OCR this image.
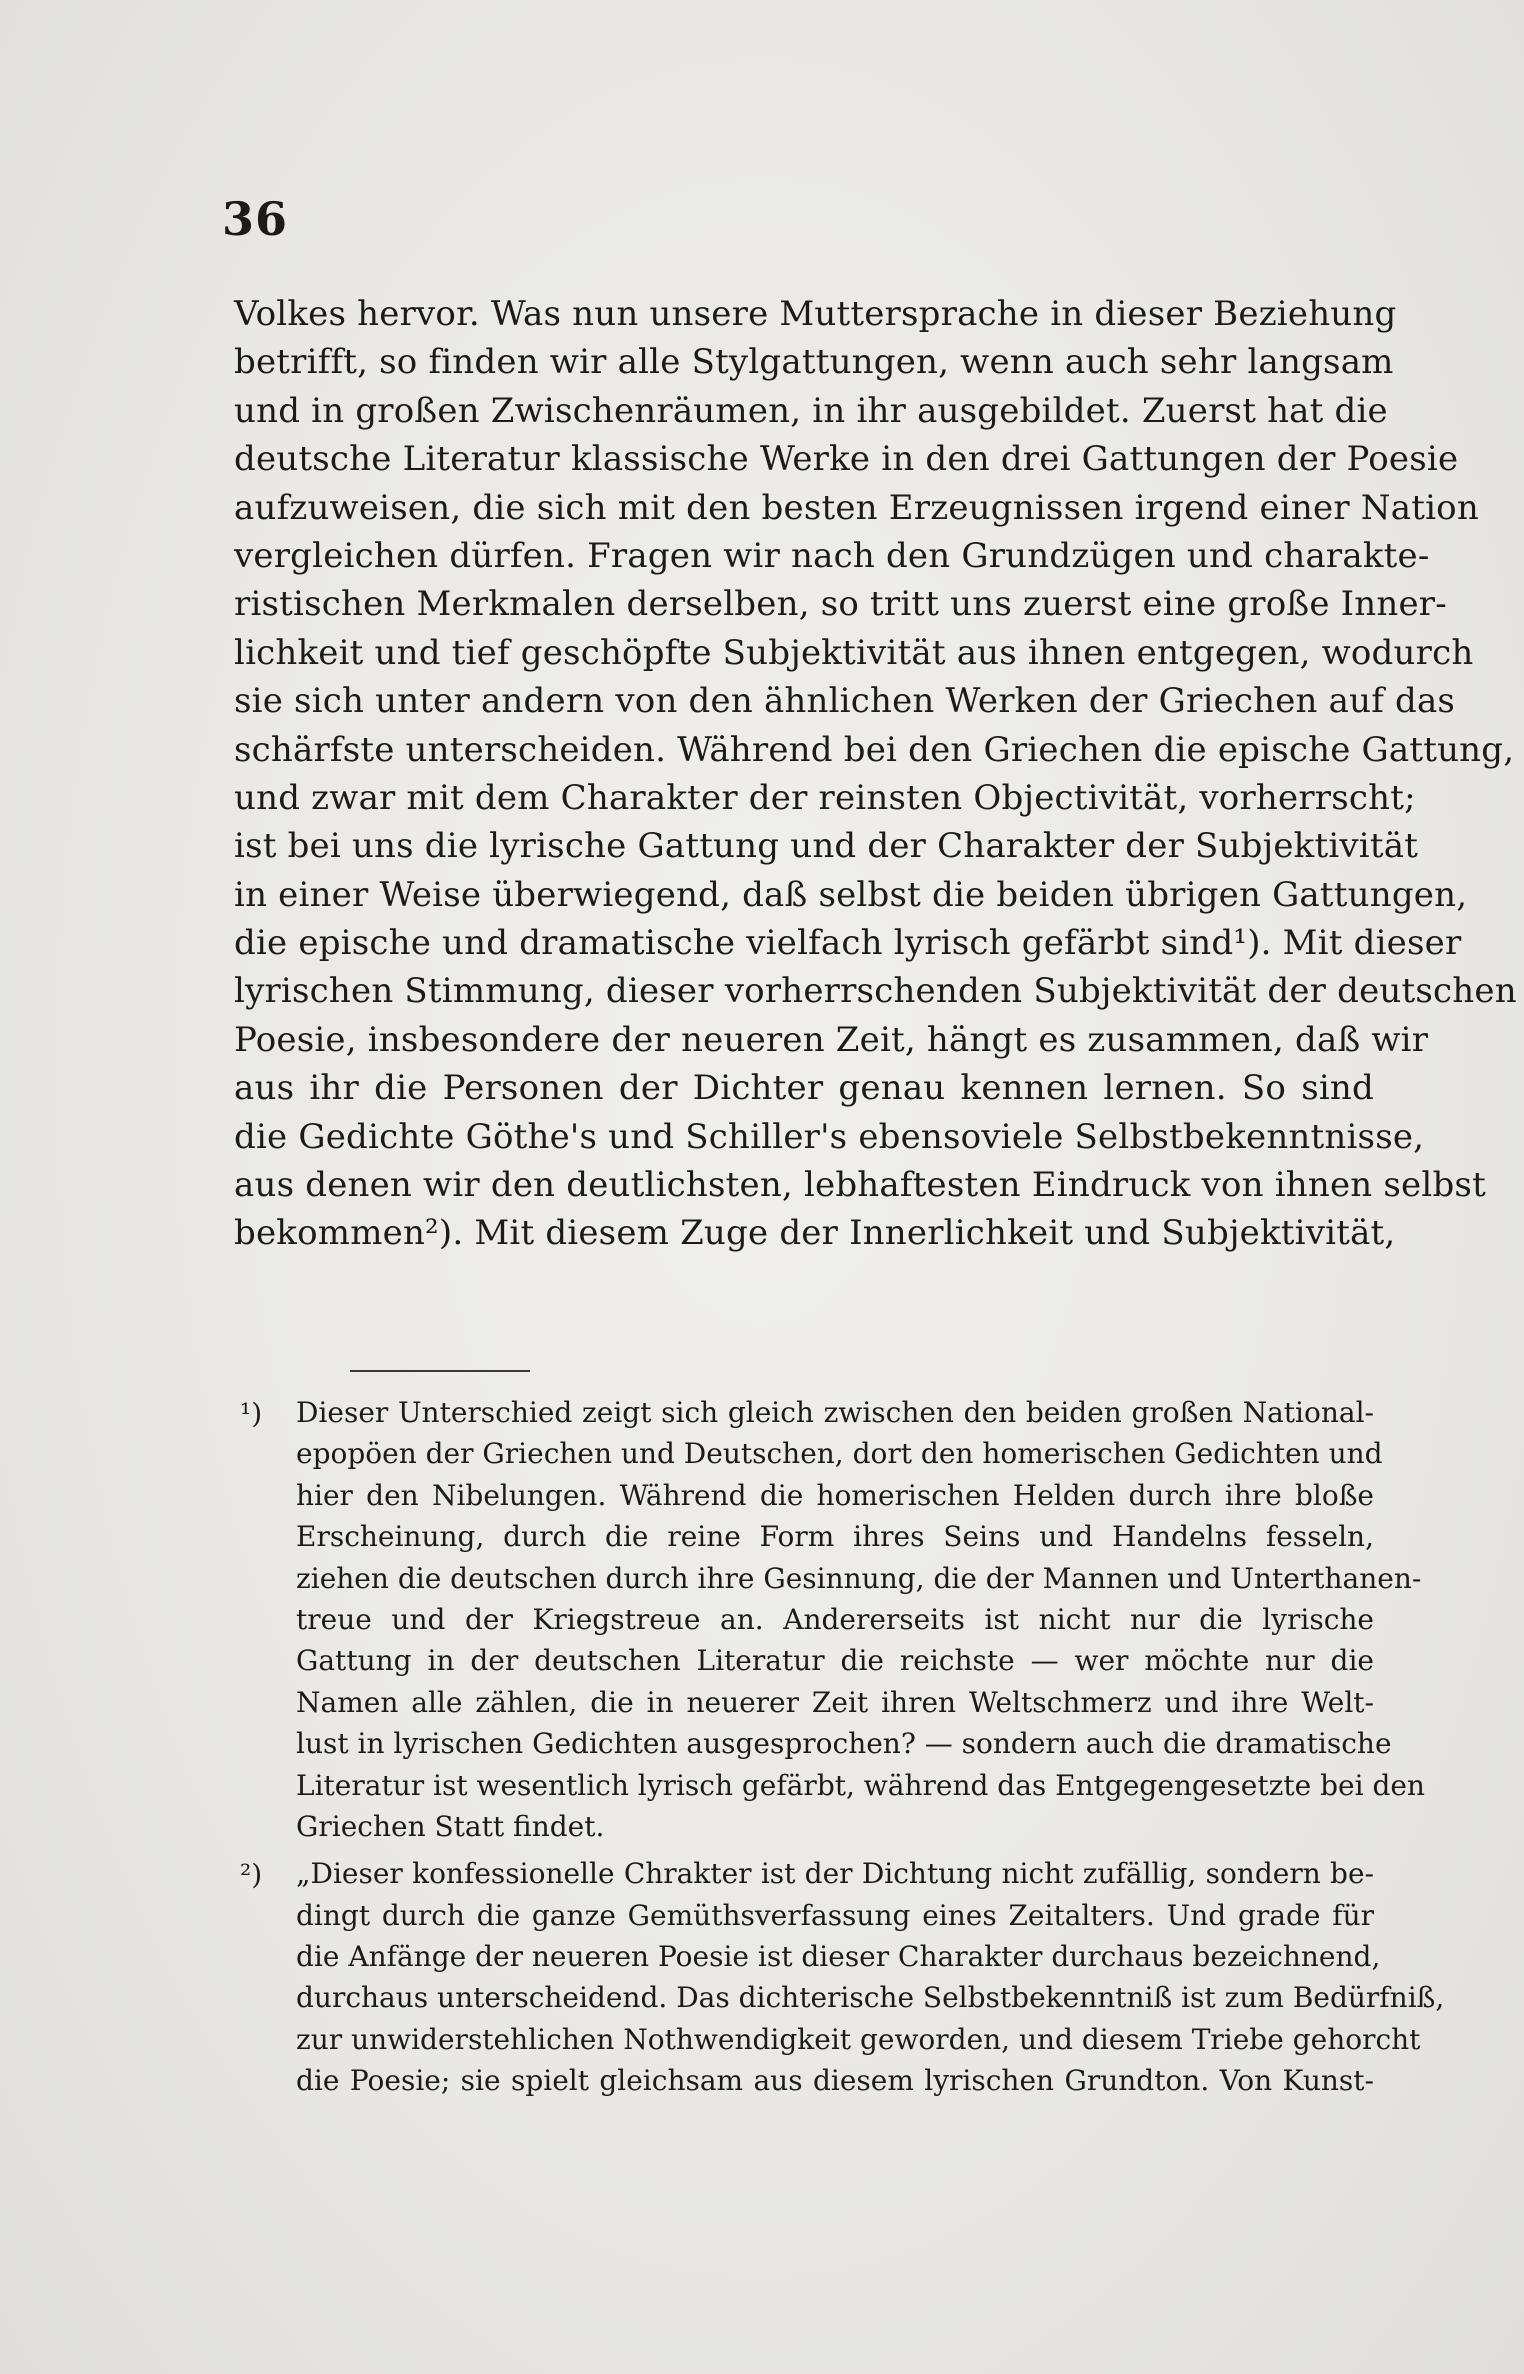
36
Volkes hervor. Was nun unsere Muttersprache in dieser Beziehung
betrifft, so finden wir alle Stylgattungen, wenn auch sehr langsam
und in großen Zwischenräumen, in ihr ausgebildet. Zuerst hat die
deutsche Literatur klassische Werke in den drei Gattungen der Poesie
aufzuweisen, die sich mit den besten Erzeugnissen irgend einer Nation
vergleichen dürfen. Fragen wir nach den Grundzügen und charakte-
ristischen Merkmalen derselben, so tritt uns zuerst eine große Inner-
lichkeit und tief geschöpfte Subjektivität aus ihnen entgegen, wodurch
sie sich unter andern von den ähnlichen Werken der Griechen auf das
schärfste unterscheiden. Während bei den Griechen die epische Gattung,
und zwar mit dem Charakter der reinsten Objectivität, vorherrscht;
ist bei uns die lyrische Gattung und der Charakter der Subjektivität
in einer Weise überwiegend, daß selbst die beiden übrigen Gattungen,
die epische und dramatische vielfach lyrisch gefärbt sind¹). Mit dieser
lyrischen Stimmung, dieser vorherrschenden Subjektivität der deutschen
Poesie, insbesondere der neueren Zeit, hängt es zusammen, daß wir
aus ihr die Personen der Dichter genau kennen lernen. So sind
die Gedichte Göthe's und Schiller's ebensoviele Selbstbekenntnisse,
aus denen wir den deutlichsten, lebhaftesten Eindruck von ihnen selbst
bekommen²). Mit diesem Zuge der Innerlichkeit und Subjektivität,
¹) Dieser Unterschied zeigt sich gleich zwischen den beiden großen National-
epopöen der Griechen und Deutschen, dort den homerischen Gedichten und
hier den Nibelungen. Während die homerischen Helden durch ihre bloße
Erscheinung, durch die reine Form ihres Seins und Handelns fesseln,
ziehen die deutschen durch ihre Gesinnung, die der Mannen und Unterthanen-
treue und der Kriegstreue an. Andererseits ist nicht nur die lyrische
Gattung in der deutschen Literatur die reichste — wer möchte nur die
Namen alle zählen, die in neuerer Zeit ihren Weltschmerz und ihre Welt-
lust in lyrischen Gedichten ausgesprochen? — sondern auch die dramatische
Literatur ist wesentlich lyrisch gefärbt, während das Entgegengesetzte bei den
Griechen Statt findet.
²) „Dieser konfessionelle Chrakter ist der Dichtung nicht zufällig, sondern be-
dingt durch die ganze Gemüthsverfassung eines Zeitalters. Und grade für
die Anfänge der neueren Poesie ist dieser Charakter durchaus bezeichnend,
durchaus unterscheidend. Das dichterische Selbstbekenntniß ist zum Bedürfniß,
zur unwiderstehlichen Nothwendigkeit geworden, und diesem Triebe gehorcht
die Poesie; sie spielt gleichsam aus diesem lyrischen Grundton. Von Kunst-
